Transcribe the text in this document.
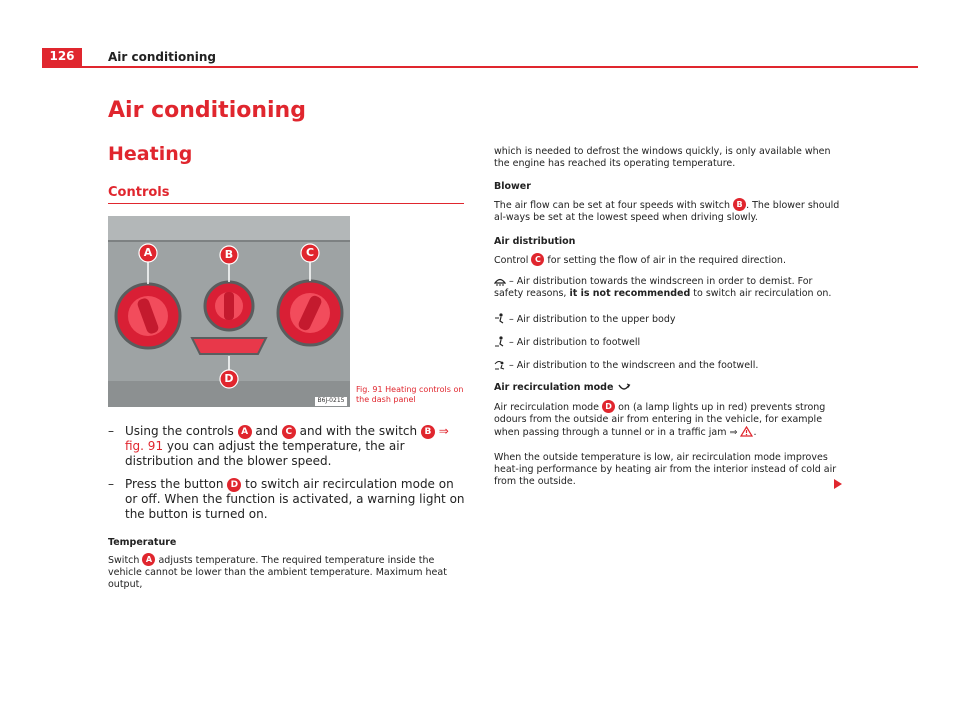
126	Air conditioning
Air conditioning
Heating
Controls
A	B	C
D
B6J-0215
Fig. 91 Heating controls on the dash panel
– Using the controls A and C and with the switch B ⇒ fig. 91 you can adjust the temperature, the air distribution and the blower speed.
– Press the button D to switch air recirculation mode on or off. When the function is activated, a warning light on the button is turned on.
Temperature
Switch A adjusts temperature. The required temperature inside the vehicle cannot be lower than the ambient temperature. Maximum heat output,
which is needed to defrost the windows quickly, is only available when the engine has reached its operating temperature.
Blower
The air flow can be set at four speeds with switch B . The blower should al-ways be set at the lowest speed when driving slowly.
Air distribution
Control C for setting the flow of air in the required direction.
– Air distribution towards the windscreen in order to demist. For safety reasons, it is not recommended to switch air recirculation on.
– Air distribution to the upper body
– Air distribution to footwell
– Air distribution to the windscreen and the footwell.
Air recirculation mode
Air recirculation mode D on (a lamp lights up in red) prevents strong odours from the outside air from entering in the vehicle, for example when passing through a tunnel or in a traffic jam ⇒ .
When the outside temperature is low, air recirculation mode improves heat-ing performance by heating air from the interior instead of cold air from the outside.
